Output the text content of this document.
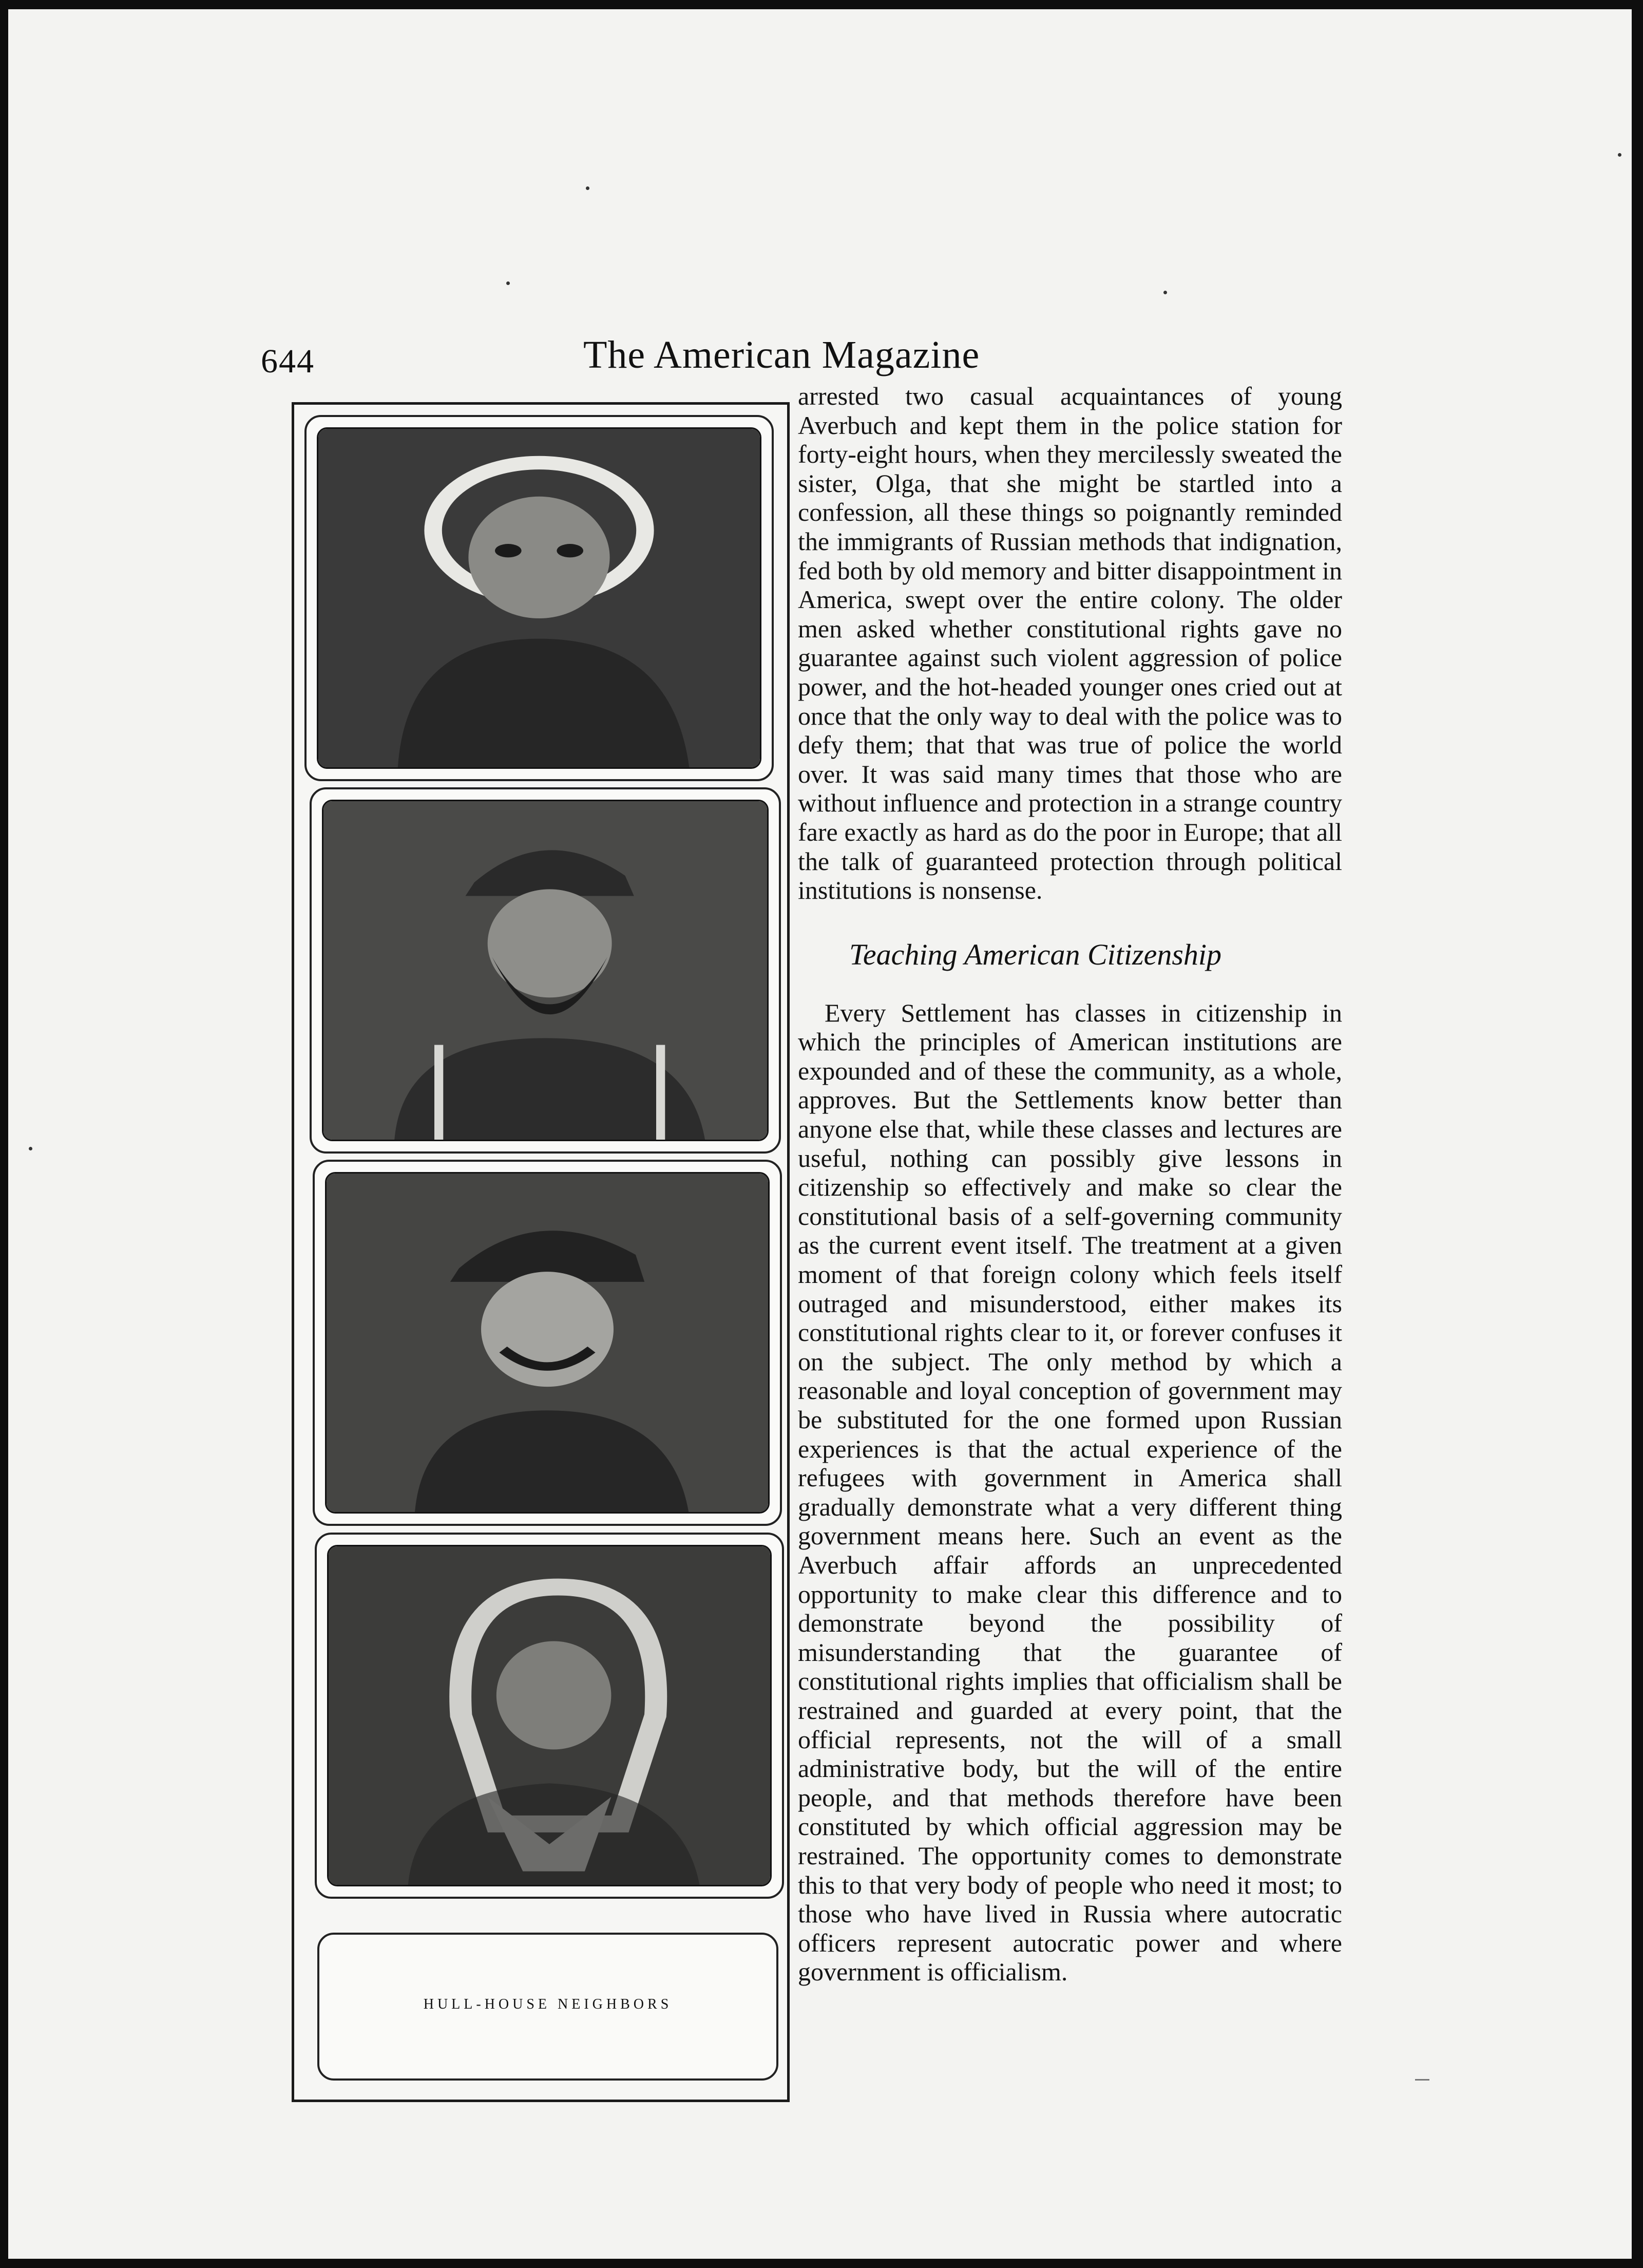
644	The American Magazine
HULL-HOUSE NEIGHBORS

arrested two casual acquaintances of young Averbuch and kept them in the police station for forty-eight hours, when they mercilessly sweated the sister, Olga, that she might be startled into a confession, all these things so poignantly reminded the immigrants of Russian methods that indignation, fed both by old memory and bitter disappointment in America, swept over the entire colony. The older men asked whether constitutional rights gave no guarantee against such violent aggression of police power, and the hot-headed younger ones cried out at once that the only way to deal with the police was to defy them; that that was true of police the world over. It was said many times that those who are without influence and protection in a strange country fare exactly as hard as do the poor in Europe; that all the talk of guaranteed protection through political institutions is nonsense.

Teaching American Citizenship

Every Settlement has classes in citizenship in which the principles of American institutions are expounded and of these the community, as a whole, approves. But the Settlements know better than anyone else that, while these classes and lectures are useful, nothing can possibly give lessons in citizenship so effectively and make so clear the constitutional basis of a self-governing community as the current event itself. The treatment at a given moment of that foreign colony which feels itself outraged and misunderstood, either makes its constitutional rights clear to it, or forever confuses it on the subject. The only method by which a reasonable and loyal conception of government may be substituted for the one formed upon Russian experiences is that the actual experience of the refugees with government in America shall gradually demonstrate what a very different thing government means here. Such an event as the Averbuch affair affords an unprecedented opportunity to make clear this difference and to demonstrate beyond the possibility of misunderstanding that the guarantee of constitutional rights implies that officialism shall be restrained and guarded at every point, that the official represents, not the will of a small administrative body, but the will of the entire people, and that methods therefore have been constituted by which official aggression may be restrained. The opportunity comes to demonstrate this to that very body of people who need it most; to those who have lived in Russia where autocratic officers represent autocratic power and where government is officialism.
